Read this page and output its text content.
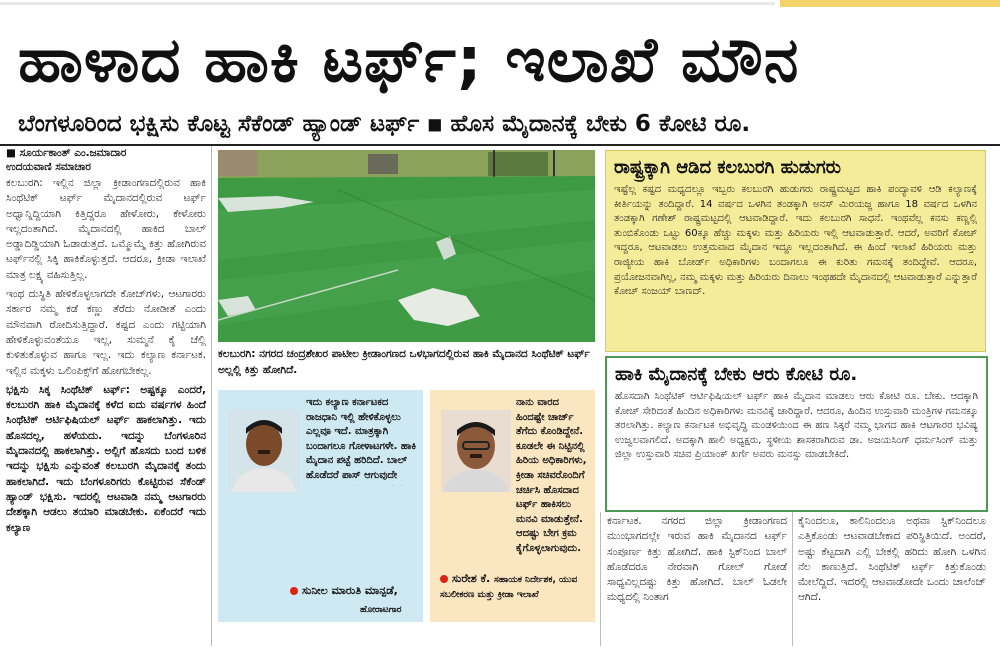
ಹಾಳಾದ ಹಾಕಿ ಟರ್ಫ್; ಇಲಾಖೆ ಮೌನ
ಬೆಂಗಳೂರಿಂದ ಭಕ್ಷಿಸು ಕೊಟ್ಟ ಸೆಕೆಂಡ್ ಹ್ಯಾಂಡ್ ಟರ್ಫ್ ■ ಹೊಸ ಮೈದಾನಕ್ಕೆ ಬೇಕು 6 ಕೋಟಿ ರೂ.
■ ಸೂರ್ಯಕಾಂತ್ ಎಂ.ಜಮಾದಾರ
ಉದಯವಾಣಿ ಸಮಾಚಾರ

ಕಲಬುರಗಿ: ಇಲ್ಲಿನ ಜಿಲ್ಲಾ ಕ್ರೀಡಾಂಗಣದಲ್ಲಿರುವ ಹಾಕಿ ಸಿಂಥೆಟಿಕ್ ಟರ್ಫ್ ಮೈದಾನದಲ್ಲಿರುವ ಟರ್ಫ್ ಅಧ್ವಾನ್ನಿದ್ದಿಯಾಗಿ ಕಿತ್ತಿದ್ದರೂ ಹೇಳೋರು, ಕೇಳೋರು ಇಲ್ಲದಂತಾಗಿದೆ. ಮೈದಾನದಲ್ಲಿ ಹಾಕಿದ ಬಾಲ್ ಅಡ್ಡಾದಿಡ್ಡಿಯಾಗಿ ಓಡಾಡುತ್ತದೆ. ಒಮ್ಮೊಮ್ಮೆ ಕಿತ್ತು ಹೋಗಿರುವ ಟರ್ಫ್‌ನಲ್ಲಿ ಸಿಕ್ಕಿ ಹಾಕಿಕೊಳ್ಳುತ್ತದೆ. ಆದರೂ, ಕ್ರೀಡಾ ಇಲಾಖೆ ಮಾತ್ರ ಲಕ್ಷ್ಯ ವಹಿಸುತ್ತಿಲ್ಲ.

ಇಂಥ ದುಸ್ಥಿತಿ ಹೇಳಿಕೊಳ್ಳಲಾಗದೇ ಕೋಚ್‌ಗಳು, ಆಟಗಾರರು ಸರ್ಕಾರ ನಮ್ಮ ಕಡೆ ಕಣ್ಣು ತೆರೆದು ನೋಡೀತೆ ಎಂದು ಮೌನವಾಗಿ ರೋದಿಸುತ್ತಿದ್ದಾರೆ. ಕಷ್ಟದ ಎಂದು ಗಟ್ಟಿಯಾಗಿ ಹೇಳಿಕೊಳ್ಳುವಂತೆಯೂ ಇಲ್ಲ, ಸುಮ್ಮನೆ ಕೈ ಚೆಲ್ಲಿ ಕುಳಿತುಕೊಳ್ಳುವ ಹಾಗೂ ಇಲ್ಲ. ಇದು ಕಲ್ಯಾಣ ಕರ್ನಾಟಕ. ಇಲ್ಲಿನ ಮಕ್ಕಳು ಒಲಿಂಪಿಕ್ಸ್‌ಗೆ ಹೋಗಬೇಕಲ್ಲ.

ಭಕ್ಷಿಸು ಸಿಕ್ಕ ಸಿಂಥೆಟಿಕ್ ಟರ್ಫ್: ಅಷ್ಟಕ್ಕೂ ಎಂದರೆ, ಕಲಬುರಗಿ ಹಾಕಿ ಮೈದಾನಕ್ಕೆ ಕಳೆದ ಐದು ವರ್ಷಗಳ ಹಿಂದೆ ಸಿಂಥೆಟಿಕ್ ಆರ್ಟಿಫಿಷಿಯಲ್ ಟರ್ಫ್ ಹಾಕಲಾಗಿತ್ತು. ಇದು ಹೊಸದಲ್ಲ, ಹಳೆಯದು. ಇದನ್ನು ಬೆಂಗಳೂರಿನ ಮೈದಾನದಲ್ಲಿ ಹಾಕಲಾಗಿತ್ತು. ಅಲ್ಲಿಗೆ ಹೊಸದು ಬಂದ ಬಳಿಕ ಇದನ್ನು ಭಕ್ಷಿಸು ಎನ್ನುವಂತೆ ಕಲಬುರಗಿ ಮೈದಾನಕ್ಕೆ ತಂದು ಹಾಕಲಾಗಿದೆ. ಇದು ಬೆಂಗಳೂರಿಗರು ಕೊಟ್ಟಿರುವ ಸೆಕೆಂಡ್ ಹ್ಯಾಂಡ್ ಭಕ್ಷಿಸು. ಇದರಲ್ಲಿ ಆಟವಾಡಿ ನಮ್ಮ ಆಟಗಾರರು ದೇಶಕ್ಕಾಗಿ ಆಡಲು ತಯಾರಿ ಮಾಡಬೇಕು. ಏಕೆಂದರೆ ಇದು ಕಲ್ಯಾಣ

ಕಲಬುರಗಿ: ನಗರದ ಚಂದ್ರಶೇಖರ ಪಾಟೀಲ ಕ್ರೀಡಾಂಗಣದ ಒಳಭಾಗದಲ್ಲಿರುವ ಹಾಕಿ ಮೈದಾನದ ಸಿಂಥೆಟಿಕ್ ಟರ್ಫ್ ಅಲ್ಲಲ್ಲಿ ಕಿತ್ತು ಹೋಗಿದೆ.
ರಾಷ್ಟ್ರಕ್ಕಾಗಿ ಆಡಿದ ಕಲಬುರಗಿ ಹುಡುಗರು
ಇಷ್ಟೆಲ್ಲ ಕಷ್ಟದ ಮಧ್ಯದಲ್ಲೂ ಇಬ್ಬರು ಕಲಬುರಗಿ ಹುಡುಗರು ರಾಷ್ಟ್ರಮಟ್ಟದ ಹಾಕಿ ಪಂದ್ಯಾವಳಿ ಆಡಿ ಕಲ್ಯಾಣಕ್ಕೆ ಕೀರ್ತಿಯನ್ನು ತಂದಿದ್ದಾರೆ. 14 ವರ್ಷದ ಒಳಗಿನ ತಂಡಕ್ಕಾಗಿ ಅನಸ್ ಮಿರಯಜ್ಜ ಹಾಗೂ 18 ವರ್ಷದ ಒಳಗಿನ ತಂಡಕ್ಕಾಗಿ ಗಣೇಶ್ ರಾಷ್ಟ್ರಮಟ್ಟದಲ್ಲಿ ಆಟವಾಡಿದ್ದಾರೆ. ಇದು ಕಲಬುರಗಿ ಸಾಧನೆ. ಇಂಥವೆಲ್ಲ ಕನಸು ಕಣ್ಣಲ್ಲಿ ತುಂಬಿಕೊಂಡು ಒಟ್ಟು 60ಕ್ಕೂ ಹೆಚ್ಚು ಮಕ್ಕಳು ಮತ್ತು ಹಿರಿಯರು ಇಲ್ಲಿ ಆಟವಾಡುತ್ತಾರೆ. ಆದರೆ, ಅವರಿಗೆ ಕೋಚ್ ಇದ್ದರೂ, ಆಟವಾಡಲು ಉತ್ತಮವಾದ ಮೈದಾನ ಇದ್ದೂ ಇಲ್ಲದಂತಾಗಿದೆ. ಈ ಹಿಂದೆ ಇಲಾಖೆ ಹಿರಿಯರು ಮತ್ತು ರಾಜ್ಯೀಯ ಹಾಕಿ ಬೋರ್ಡ್ ಅಧಿಕಾರಿಗಳು ಬಂದಾಗಲೂ ಈ ಕುರಿತು ಗಮನಕ್ಕೆ ತಂದಿದ್ದೇವೆ. ಆದರೂ, ಪ್ರಯೋಜನವಾಗಿಲ್ಲ, ನಮ್ಮ ಮಕ್ಕಳು ಮತ್ತು ಹಿರಿಯರು ದಿನಾಲು ಇಂಥಹದೇ ಮೈದಾನದಲ್ಲಿ ಆಟವಾಡುತ್ತಾರೆ ಎನ್ನುತ್ತಾರೆ ಕೋಚ್ ಸಂಜಯ್ ಬಾಣದ್.
ಹಾಕಿ ಮೈದಾನಕ್ಕೆ ಬೇಕು ಆರು ಕೋಟಿ ರೂ.
ಹೊಸದಾಗಿ ಸಿಂಥೆಟಿಕ್ ಆರ್ಟಿಫಿಷಿಯಲ್ ಟರ್ಫ್ ಹಾಕಿ ಮೈದಾನ ಮಾಡಲು ಆರು ಕೋಟಿ ರೂ. ಬೇಕು. ಆದಕ್ಕಾಗಿ ಕೋಚ್ ಸೇರಿದಂತೆ ಹಿಂದಿನ ಅಧಿಕಾರಿಗಳು ಮನವಿಕ್ಕೆ ಜಾರಿದ್ದಾರೆ. ಆದರೂ, ಹಿಂದಿನ ಉಸ್ತುವಾರಿ ಮಂತ್ರಿಗಳ ಗಮನಕ್ಕೂ ತರಲಾಗಿತ್ತು. ಕಲ್ಯಾಣ ಕರ್ನಾಟಕ ಅಭಿವೃದ್ಧಿ ಮಂಡಳಿಯಿಂದ ಈ ಹಣ ಸಿಕ್ಕರೆ ನಮ್ಮ ಭಾಗದ ಹಾಕಿ ಆಟಗಾರರ ಭವಿಷ್ಯ ಉಜ್ವಲವಾಗಲಿದೆ. ಅದಕ್ಕಾಗಿ ಹಾಲಿ ಅಧ್ಯಕ್ಷರು, ಸ್ಥಳೀಯ ಶಾಸಕರಾಗಿರುವ ಡಾ. ಅಜಯಸಿಂಗ್ ಧರ್ಮಸಿಂಗ್ ಮತ್ತು ಜಿಲ್ಲಾ ಉಸ್ತುವಾರಿ ಸಚಿವ ಪ್ರಿಯಾಂಕ್ ಖರ್ಗೆ ಅವರು ಮನಸ್ಸು ಮಾಡಬೇಕಿದೆ.
ಇದು ಕಲ್ಯಾಣ ಕರ್ನಾಟಕದ ರಾಜಧಾನಿ ಇಲ್ಲಿ ಹೇಳಿಕೊಳ್ಳಲು ಎಲ್ಲವೂ ಇದೆ. ಮಾತ್ರಕ್ಕಾಗಿ ಬಂದಾಗಲೂ ಗೋಳಾಟಗಳೇ. ಹಾಕಿ ಮೈದಾನ ಪಟ್ಟೆ ಹರಿದಿದೆ. ಬಾಲ್ ಹೊಡೆದರೆ ಪಾಸ್ ಆಗುವುದೇ
ಸುನೀಲ ಮಾರುತಿ ಮಾನ್ಪಡೆ,
ಹೋರಾಟಗಾರ
ನಾನು ವಾರದ ಹಿಂದಷ್ಟೇ ಚಾರ್ಜ್ ತೆಗೆದು ಕೊಂಡಿದ್ದೇನೆ. ಕೂಡಲೇ ಈ ನಿಟ್ಟಿನಲ್ಲಿ ಹಿರಿಯ ಅಧಿಕಾರಿಗಳು, ಕ್ರೀಡಾ ಸಚಿವರೊಂದಿಗೆ ಚರ್ಚಿಸಿ ಹೊಸದಾದ ಟರ್ಫ್ ಹಾಕಿಸಲು ಮನವಿ ಮಾಡುತ್ತೇನೆ. ಆದಷ್ಟು ಬೇಗ ಕ್ರಮ ಕೈಗೊಳ್ಳಲಾಗುವುದು.
ಸುರೇಶ ಕೆ. ಸಹಾಯಕ ನಿರ್ದೇಶಕ, ಯುವ ಸಬಲೀಕರಣ ಮತ್ತು ಕ್ರೀಡಾ ಇಲಾಖೆ

ಕರ್ನಾಟಕ. ನಗರದ ಜಿಲ್ಲಾ ಕ್ರೀಡಾಂಗಣದ ಮುಂಭಾಗದಲ್ಲೇ ಇರುವ ಹಾಕಿ ಮೈದಾನದ ಟರ್ಫ್ ಸಂಪೂರ್ಣ ಕಿತ್ತು ಹೋಗಿದೆ. ಹಾಕಿ ಸ್ಟಿಕ್‌ನಿಂದ ಬಾಲ್ ಹೊಡೆದರೂ ನೇರವಾಗಿ ಗೋಲ್ ಗೋಡೆ ಸಾಧ್ಯವಿಲ್ಲದಷ್ಟು ಕಿತ್ತು ಹೋಗಿದೆ. ಬಾಲ್ ಓಡಲೇ ಮಧ್ಯದಲ್ಲಿ ನಿಂತಾಗ

ಕೈನಿಂದಲೂ, ಕಾಲಿನಿಂದಲೂ ಅಥವಾ ಸ್ಟಿಕ್‌ನಿಂದಲೂ ಎತ್ತಿಕೊಂಡು ಆಟವಾಡಬೇಕಾದ ಪರಿಸ್ಥಿತಿಯಿದೆ. ಅಂದರೆ, ಅಷ್ಟು ಕೆಟ್ಟದಾಗಿ ಎಲ್ಲಿ ಬೇಕಲ್ಲಿ ಹರಿದು ಹೋಗಿ ಒಳಗಿನ ನೆಲ ಕಾಣುತ್ತಿದೆ. ಸಿಂಥೆಟಿಕ್ ಟರ್ಫ್ ಕಿತ್ತುಕೊಂಡು ಮೇಲೆದ್ದಿದೆ. ಇದರಲ್ಲಿ ಆಟವಾಡೋದೇ ಒಂದು ಚಾಲೆಂಜ್ ಆಗಿದೆ.
